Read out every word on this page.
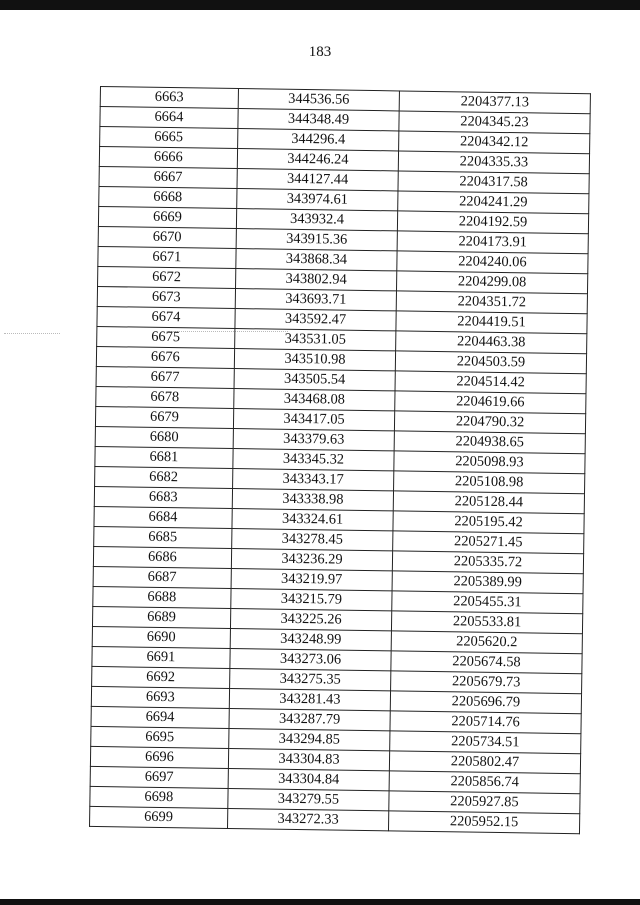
183
6663	344536.56	2204377.13
6664	344348.49	2204345.23
6665	344296.4	2204342.12
6666	344246.24	2204335.33
6667	344127.44	2204317.58
6668	343974.61	2204241.29
6669	343932.4	2204192.59
6670	343915.36	2204173.91
6671	343868.34	2204240.06
6672	343802.94	2204299.08
6673	343693.71	2204351.72
6674	343592.47	2204419.51
6675	343531.05	2204463.38
6676	343510.98	2204503.59
6677	343505.54	2204514.42
6678	343468.08	2204619.66
6679	343417.05	2204790.32
6680	343379.63	2204938.65
6681	343345.32	2205098.93
6682	343343.17	2205108.98
6683	343338.98	2205128.44
6684	343324.61	2205195.42
6685	343278.45	2205271.45
6686	343236.29	2205335.72
6687	343219.97	2205389.99
6688	343215.79	2205455.31
6689	343225.26	2205533.81
6690	343248.99	2205620.2
6691	343273.06	2205674.58
6692	343275.35	2205679.73
6693	343281.43	2205696.79
6694	343287.79	2205714.76
6695	343294.85	2205734.51
6696	343304.83	2205802.47
6697	343304.84	2205856.74
6698	343279.55	2205927.85
6699	343272.33	2205952.15
